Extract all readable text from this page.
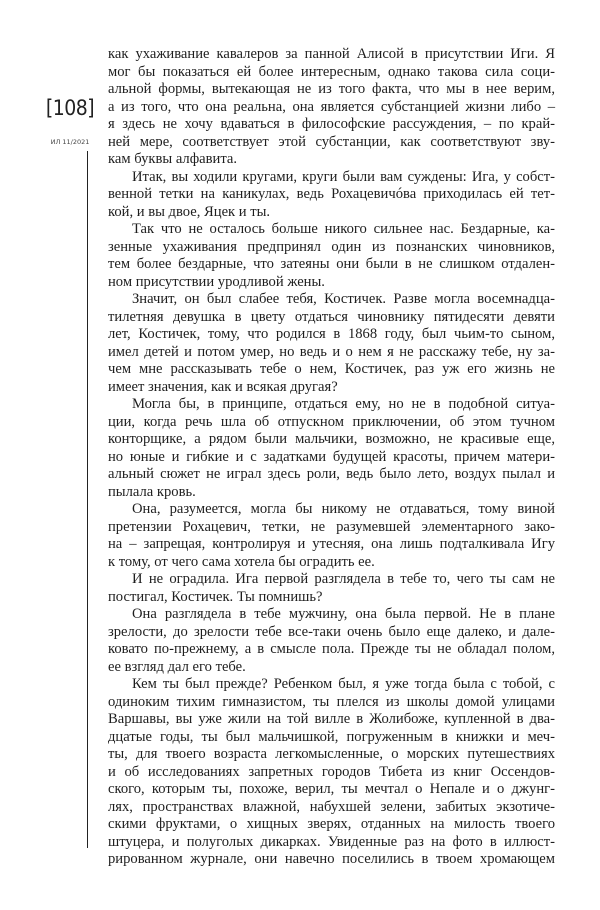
[108]
ИЛ 11/2021
как ухаживание кавалеров за панной Алисой в присутствии Иги. Я
мог бы показаться ей более интересным, однако такова сила соци-
альной формы, вытекающая не из того факта, что мы в нее верим,
а из того, что она реальна, она является субстанцией жизни либо –
я здесь не хочу вдаваться в философские рассуждения, – по край-
ней мере, соответствует этой субстанции, как соответствуют зву-
кам буквы алфавита.
Итак, вы ходили кругами, круги были вам суждены: Ига, у собст-
венной тетки на каникулах, ведь Рохацевичóва приходилась ей тет-
кой, и вы двое, Яцек и ты.
Так что не осталось больше никого сильнее нас. Бездарные, ка-
зенные ухаживания предпринял один из познанских чиновников,
тем более бездарные, что затеяны они были в не слишком отдален-
ном присутствии уродливой жены.
Значит, он был слабее тебя, Костичек. Разве могла восемнадца-
тилетняя девушка в цвету отдаться чиновнику пятидесяти девяти
лет, Костичек, тому, что родился в 1868 году, был чьим-то сыном,
имел детей и потом умер, но ведь и о нем я не расскажу тебе, ну за-
чем мне рассказывать тебе о нем, Костичек, раз уж его жизнь не
имеет значения, как и всякая другая?
Могла бы, в принципе, отдаться ему, но не в подобной ситуа-
ции, когда речь шла об отпускном приключении, об этом тучном
конторщике, а рядом были мальчики, возможно, не красивые еще,
но юные и гибкие и с задатками будущей красоты, причем матери-
альный сюжет не играл здесь роли, ведь было лето, воздух пылал и
пылала кровь.
Она, разумеется, могла бы никому не отдаваться, тому виной
претензии Рохацевич, тетки, не разумевшей элементарного зако-
на – запрещая, контролируя и утесняя, она лишь подталкивала Игу
к тому, от чего сама хотела бы оградить ее.
И не оградила. Ига первой разглядела в тебе то, чего ты сам не
постигал, Костичек. Ты помнишь?
Она разглядела в тебе мужчину, она была первой. Не в плане
зрелости, до зрелости тебе все-таки очень было еще далеко, и дале-
ковато по-прежнему, а в смысле пола. Прежде ты не обладал полом,
ее взгляд дал его тебе.
Кем ты был прежде? Ребенком был, я уже тогда была с тобой, с
одиноким тихим гимназистом, ты плелся из школы домой улицами
Варшавы, вы уже жили на той вилле в Жолибоже, купленной в два-
дцатые годы, ты был мальчишкой, погруженным в книжки и меч-
ты, для твоего возраста легкомысленные, о морских путешествиях
и об исследованиях запретных городов Тибета из книг Оссендов-
ского, которым ты, похоже, верил, ты мечтал о Непале и о джунг-
лях, пространствах влажной, набухшей зелени, забитых экзотиче-
скими фруктами, о хищных зверях, отданных на милость твоего
штуцера, и полуголых дикарках. Увиденные раз на фото в иллюст-
рированном журнале, они навечно поселились в твоем хромающем
